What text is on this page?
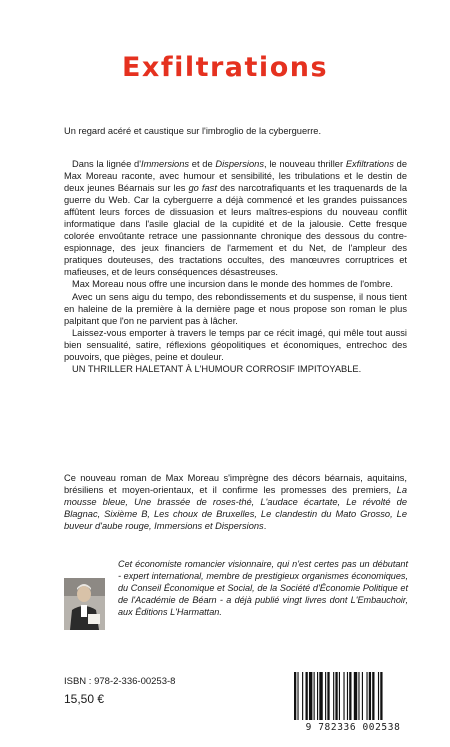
Exfiltrations
Un regard acéré et caustique sur l'imbroglio de la cyberguerre.

Dans la lignée d'Immersions et de Dispersions, le nouveau thriller Exfiltrations de Max Moreau raconte, avec humour et sensibilité, les tribulations et le destin de deux jeunes Béarnais sur les go fast des narcotrafiquants et les traquenards de la guerre du Web. Car la cyberguerre a déjà commencé et les grandes puissances affûtent leurs forces de dissuasion et leurs maîtres-espions du nouveau conflit informatique dans l'asile glacial de la cupidité et de la jalousie. Cette fresque colorée envoûtante retrace une passionnante chronique des dessous du contre-espionnage, des jeux financiers de l'armement et du Net, de l'ampleur des pratiques douteuses, des tractations occultes, des manœuvres corruptrices et mafieuses, et de leurs conséquences désastreuses.

Max Moreau nous offre une incursion dans le monde des hommes de l'ombre.

Avec un sens aigu du tempo, des rebondissements et du suspense, il nous tient en haleine de la première à la dernière page et nous propose son roman le plus palpitant que l'on ne parvient pas à lâcher.

Laissez-vous emporter à travers le temps par ce récit imagé, qui mêle tout aussi bien sensualité, satire, réflexions géopolitiques et économiques, entrechoc des pouvoirs, que pièges, peine et douleur.

UN THRILLER HALETANT À L'HUMOUR CORROSIF IMPITOYABLE.

Ce nouveau roman de Max Moreau s'imprègne des décors béarnais, aquitains, brésiliens et moyen-orientaux, et il confirme les promesses des premiers, La mousse bleue, Une brassée de roses-thé, L'audace écartate, Le révolté de Blagnac, Sixième B, Les choux de Bruxelles, Le clandestin du Mato Grosso, Le buveur d'aube rouge, Immersions et Dispersions.
Cet économiste romancier visionnaire, qui n'est certes pas un débutant - expert international, membre de prestigieux organismes économiques, du Conseil Économique et Social, de la Société d'Économie Politique et de l'Académie de Béarn - a déjà publié vingt livres dont L'Embauchoir, aux Éditions L'Harmattan.
ISBN : 978-2-336-00253-8
15,50 €
9 782336 002538
